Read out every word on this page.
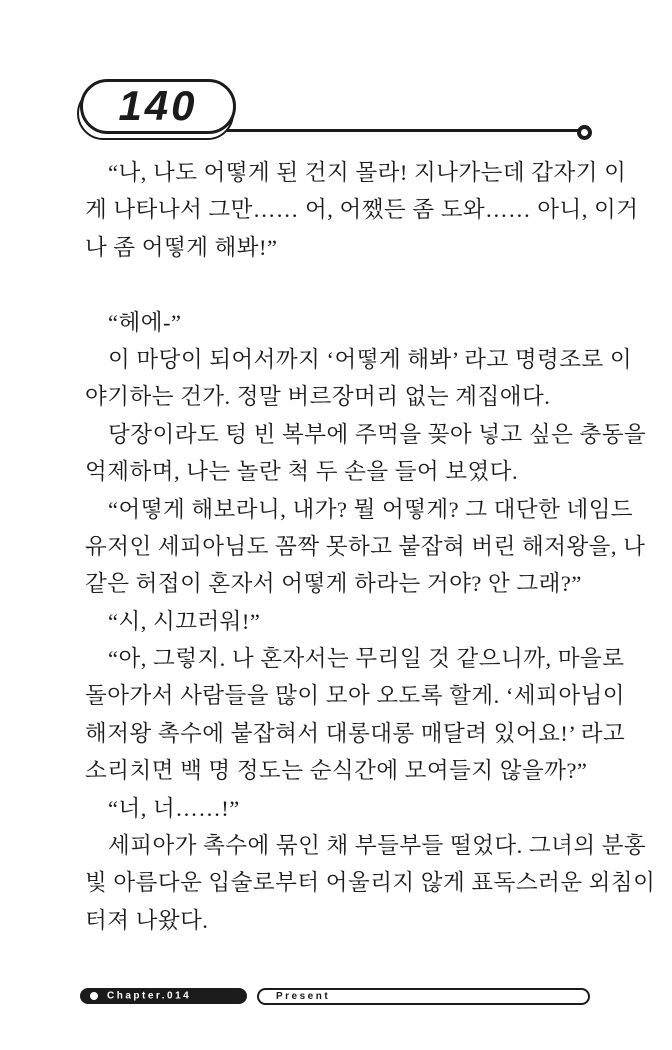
140
“나, 나도 어떻게 된 건지 몰라! 지나가는데 갑자기 이
게 나타나서 그만…… 어, 어쨌든 좀 도와…… 아니, 이거
나 좀 어떻게 해봐!”
“헤에-”
이 마당이 되어서까지 ‘어떻게 해봐’ 라고 명령조로 이
야기하는 건가. 정말 버르장머리 없는 계집애다.
당장이라도 텅 빈 복부에 주먹을 꽂아 넣고 싶은 충동을
억제하며, 나는 놀란 척 두 손을 들어 보였다.
“어떻게 해보라니, 내가? 뭘 어떻게? 그 대단한 네임드
유저인 세피아님도 꼼짝 못하고 붙잡혀 버린 해저왕을, 나
같은 허접이 혼자서 어떻게 하라는 거야? 안 그래?”
“시, 시끄러워!”
“아, 그렇지. 나 혼자서는 무리일 것 같으니까, 마을로
돌아가서 사람들을 많이 모아 오도록 할게. ‘세피아님이
해저왕 촉수에 붙잡혀서 대롱대롱 매달려 있어요!’ 라고
소리치면 백 명 정도는 순식간에 모여들지 않을까?”
“너, 너……!”
세피아가 촉수에 묶인 채 부들부들 떨었다. 그녀의 분홍
빛 아름다운 입술로부터 어울리지 않게 표독스러운 외침이
터져 나왔다.
Chapter.014	Present
